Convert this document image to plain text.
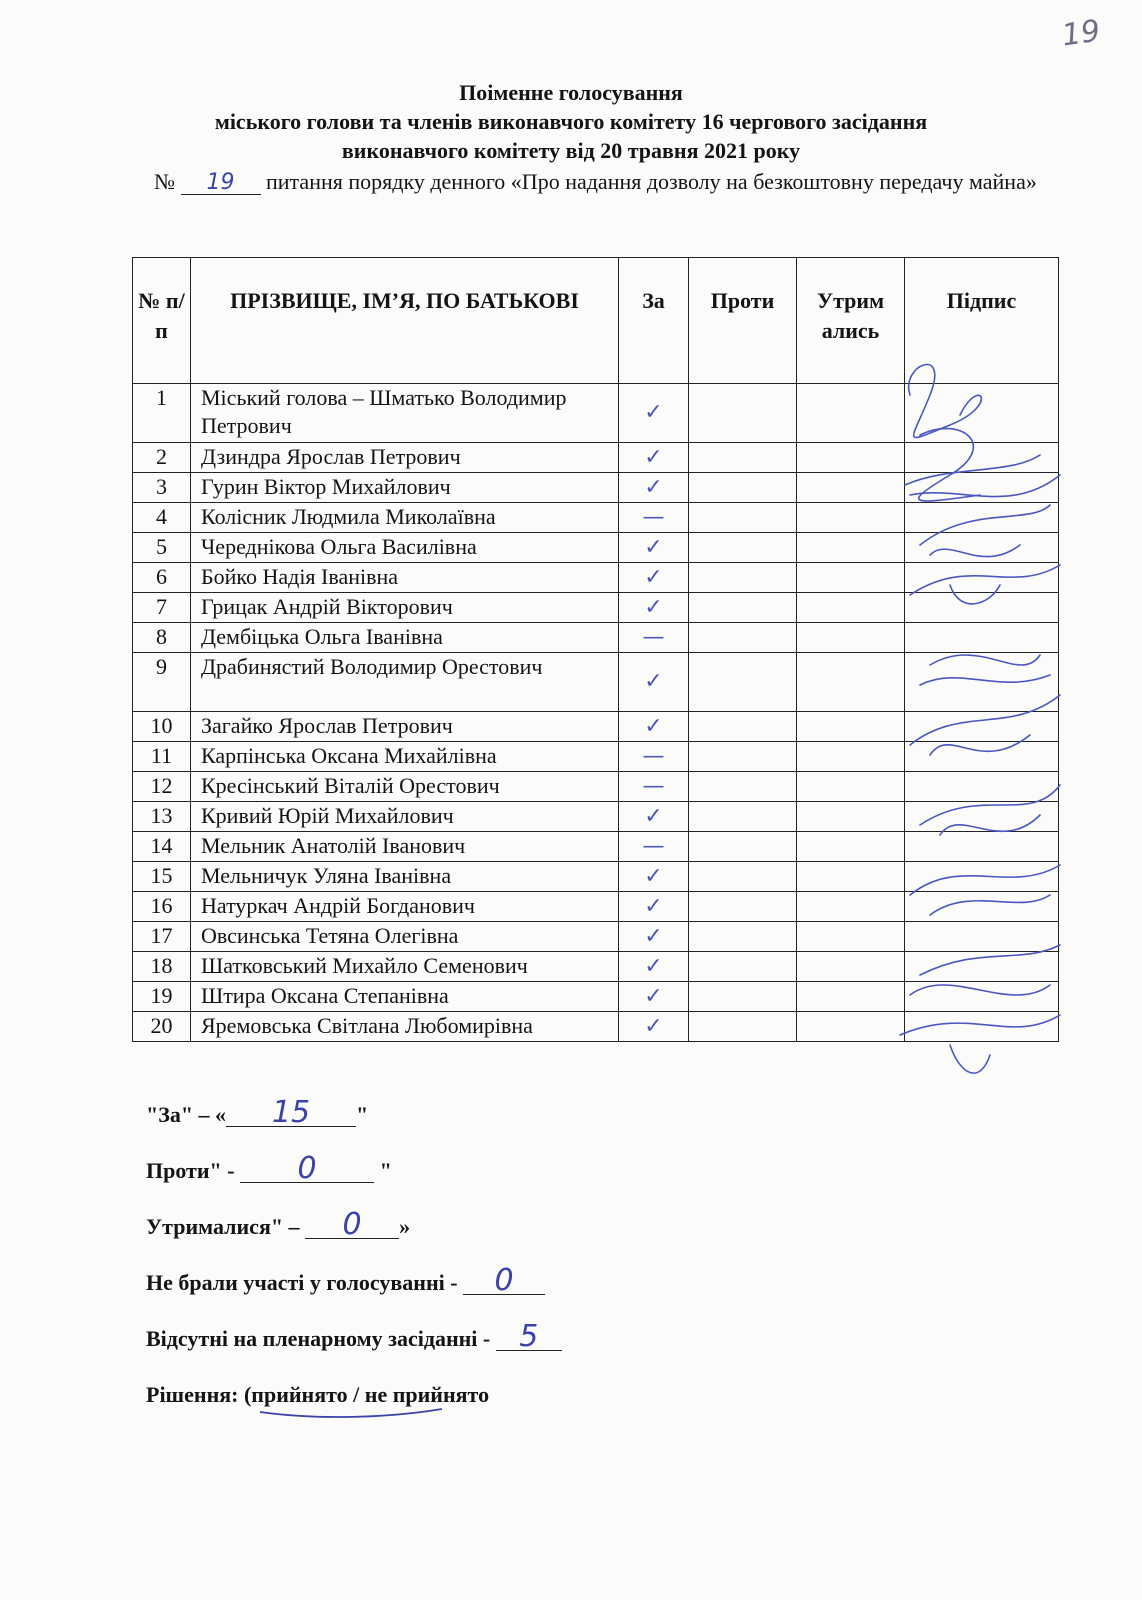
19
Поіменне голосування
міського голови та членів виконавчого комітету 16 чергового засідання
виконавчого комітету від 20 травня 2021 року
№ 19 питання порядку денного «Про надання дозволу на безкоштовну передачу майна»
№ п/п	ПРІЗВИЩЕ, ІМ’Я, ПО БАТЬКОВІ	За	Проти	Утрим ались	Підпис
1	Міський голова – Шматько Володимир Петрович	✓			
2	Дзиндра Ярослав Петрович	✓			
3	Гурин Віктор Михайлович	✓			
4	Колісник Людмила Миколаївна	—			
5	Череднікова Ольга Василівна	✓			
6	Бойко Надія Іванівна	✓			
7	Грицак Андрій Вікторович	✓			
8	Дембіцька Ольга Іванівна	—			
9	Драбинястий Володимир Орестович	✓			
10	Загайко Ярослав Петрович	✓			
11	Карпінська Оксана Михайлівна	—			
12	Кресінський Віталій Орестович	—			
13	Кривий Юрій Михайлович	✓			
14	Мельник Анатолій Іванович	—			
15	Мельничук Уляна Іванівна	✓			
16	Натуркач Андрій Богданович	✓			
17	Овсинська Тетяна Олегівна	✓			
18	Шатковський Михайло Семенович	✓			
19	Штира Оксана Степанівна	✓			
20	Яремовська Світлана Любомирівна	✓			
"За" – « 15 "
Проти" - 0	"
Утрималися" – 0 »
Не брали участі у голосуванні - 0
Відсутні на пленарному засіданні - 5
Рішення: (прийнято / не прийнято
